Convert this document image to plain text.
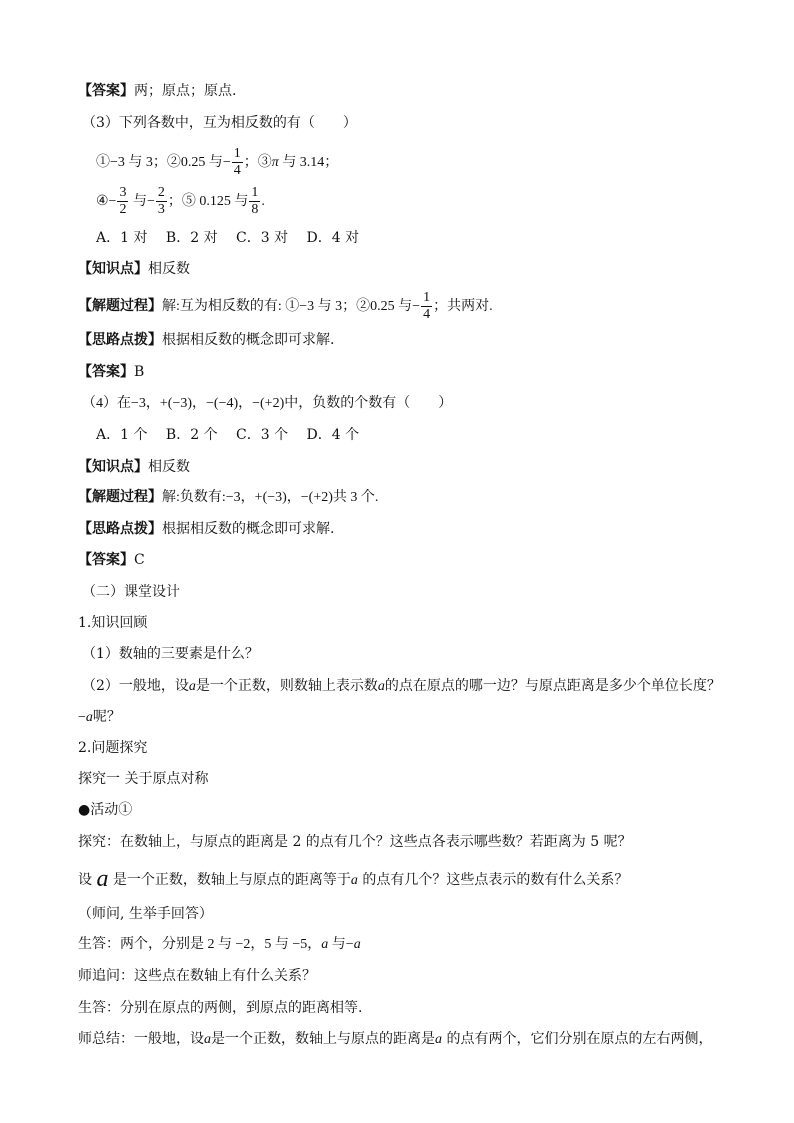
【答案】两；原点；原点.
（3）下列各数中，互为相反数的有（　　）
①−3 与 3；②0.25 与− $\frac{1}{4}$ ；③π 与 3.14；
④− $\frac{3}{2}$ 与− $\frac{2}{3}$ ；⑤ 0.125 与 $\frac{1}{8}$ .
A．1 对　 B．2 对　 C．3 对　 D．4 对
【知识点】相反数
【解题过程】解:互为相反数的有: ①−3 与 3；②0.25 与− $\frac{1}{4}$ ；共两对.
【思路点拨】根据相反数的概念即可求解.
【答案】B
（4）在−3，+(−3)，−(−4)，−(+2)中，负数的个数有（　　）
A．1 个　 B．2 个　 C．3 个　 D．4 个
【知识点】相反数
【解题过程】解:负数有:−3，+(−3)，−(+2)共 3 个.
【思路点拨】根据相反数的概念即可求解.
【答案】C
（二）课堂设计
1.知识回顾
（1）数轴的三要素是什么？
（2）一般地，设a是一个正数，则数轴上表示数a的点在原点的哪一边？与原点距离是多少个单位长度？
−a呢？
2.问题探究
探究一 关于原点对称
●活动①
探究：在数轴上，与原点的距离是 2 的点有几个？这些点各表示哪些数？若距离为 5 呢？
设 a 是一个正数，数轴上与原点的距离等于a 的点有几个？这些点表示的数有什么关系？
（师问, 生举手回答）
生答：两个，分别是 2 与 −2，5 与 −5，a 与−a
师追问：这些点在数轴上有什么关系？
生答：分别在原点的两侧，到原点的距离相等.
师总结：一般地，设a是一个正数，数轴上与原点的距离是a 的点有两个，它们分别在原点的左右两侧，
